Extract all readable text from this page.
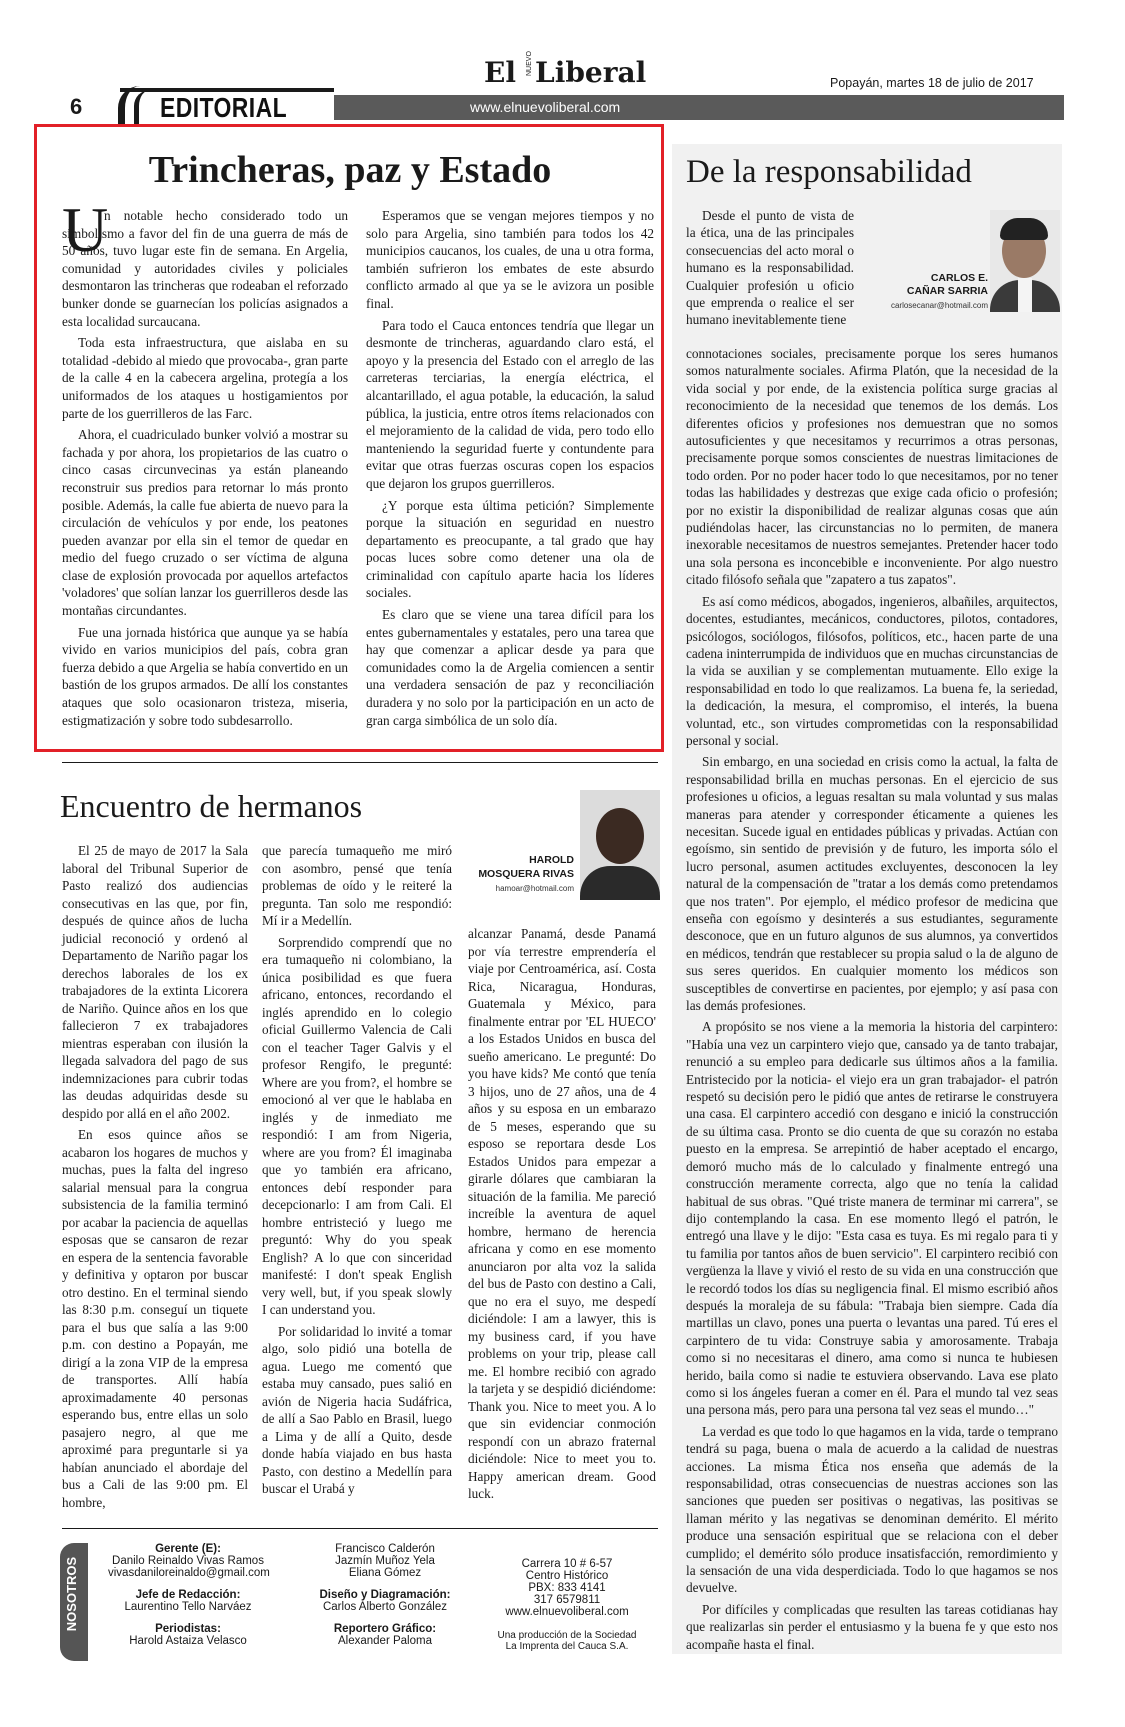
6	EDITORIAL	www.elnuevoliberal.com
El NUEVO Liberal	Popayán, martes 18 de julio de 2017
Trincheras, paz y Estado
U

n notable hecho considerado todo un simbolismo a favor del fin de una guerra de más de 50 años, tuvo lugar este fin de semana. En Argelia, comunidad y autoridades civiles y policiales desmontaron las trincheras que rodeaban el reforzado bunker donde se guarnecían los policías asignados a esta localidad surcaucana.

Toda esta infraestructura, que aislaba en su totalidad -debido al miedo que provocaba-, gran parte de la calle 4 en la cabecera argelina, protegía a los uniformados de los ataques u hostigamientos por parte de los guerrilleros de las Farc.

Ahora, el cuadriculado bunker volvió a mostrar su fachada y por ahora, los propietarios de las cuatro o cinco casas circunvecinas ya están planeando reconstruir sus predios para retornar lo más pronto posible. Además, la calle fue abierta de nuevo para la circulación de vehículos y por ende, los peatones pueden avanzar por ella sin el temor de quedar en medio del fuego cruzado o ser víctima de alguna clase de explosión provocada por aquellos artefactos 'voladores' que solían lanzar los guerrilleros desde las montañas circundantes.

Fue una jornada histórica que aunque ya se había vivido en varios municipios del país, cobra gran fuerza debido a que Argelia se había convertido en un bastión de los grupos armados. De allí los constantes ataques que solo ocasionaron tristeza, miseria, estigmatización y sobre todo subdesarrollo.

Esperamos que se vengan mejores tiempos y no solo para Argelia, sino también para todos los 42 municipios caucanos, los cuales, de una u otra forma, también sufrieron los embates de este absurdo conflicto armado al que ya se le avizora un posible final.

Para todo el Cauca entonces tendría que llegar un desmonte de trincheras, aguardando claro está, el apoyo y la presencia del Estado con el arreglo de las carreteras terciarias, la energía eléctrica, el alcantarillado, el agua potable, la educación, la salud pública, la justicia, entre otros ítems relacionados con el mejoramiento de la calidad de vida, pero todo ello manteniendo la seguridad fuerte y contundente para evitar que otras fuerzas oscuras copen los espacios que dejaron los grupos guerrilleros.

¿Y porque esta última petición? Simplemente porque la situación en seguridad en nuestro departamento es preocupante, a tal grado que hay pocas luces sobre como detener una ola de criminalidad con capítulo aparte hacia los líderes sociales.

Es claro que se viene una tarea difícil para los entes gubernamentales y estatales, pero una tarea que hay que comenzar a aplicar desde ya para que comunidades como la de Argelia comiencen a sentir una verdadera sensación de paz y reconciliación duradera y no solo por la participación en un acto de gran carga simbólica de un solo día.

De la responsabilidad
Desde el punto de vista de la ética, una de las principales consecuencias del acto moral o humano es la responsabilidad. Cualquier profesión u oficio que emprenda o realice el ser humano inevitablemente tiene
CARLOS E.
CAÑAR SARRIA
carlosecanar@hotmail.com

connotaciones sociales, precisamente porque los seres humanos somos naturalmente sociales. Afirma Platón, que la necesidad de la vida social y por ende, de la existencia política surge gracias al reconocimiento de la necesidad que tenemos de los demás. Los diferentes oficios y profesiones nos demuestran que no somos autosuficientes y que necesitamos y recurrimos a otras personas, precisamente porque somos conscientes de nuestras limitaciones de todo orden. Por no poder hacer todo lo que necesitamos, por no tener todas las habilidades y destrezas que exige cada oficio o profesión; por no existir la disponibilidad de realizar algunas cosas que aún pudiéndolas hacer, las circunstancias no lo permiten, de manera inexorable necesitamos de nuestros semejantes. Pretender hacer todo una sola persona es inconcebible e inconveniente. Por algo nuestro citado filósofo señala que "zapatero a tus zapatos".

Es así como médicos, abogados, ingenieros, albañiles, arquitectos, docentes, estudiantes, mecánicos, conductores, pilotos, contadores, psicólogos, sociólogos, filósofos, políticos, etc., hacen parte de una cadena ininterrumpida de individuos que en muchas circunstancias de la vida se auxilian y se complementan mutuamente. Ello exige la responsabilidad en todo lo que realizamos. La buena fe, la seriedad, la dedicación, la mesura, el compromiso, el interés, la buena voluntad, etc., son virtudes comprometidas con la responsabilidad personal y social.

Sin embargo, en una sociedad en crisis como la actual, la falta de responsabilidad brilla en muchas personas. En el ejercicio de sus profesiones u oficios, a leguas resaltan su mala voluntad y sus malas maneras para atender y corresponder éticamente a quienes les necesitan. Sucede igual en entidades públicas y privadas. Actúan con egoísmo, sin sentido de previsión y de futuro, les importa sólo el lucro personal, asumen actitudes excluyentes, desconocen la ley natural de la compensación de "tratar a los demás como pretendamos que nos traten". Por ejemplo, el médico profesor de medicina que enseña con egoísmo y desinterés a sus estudiantes, seguramente desconoce, que en un futuro algunos de sus alumnos, ya convertidos en médicos, tendrán que restablecer su propia salud o la de alguno de sus seres queridos. En cualquier momento los médicos son susceptibles de convertirse en pacientes, por ejemplo; y así pasa con las demás profesiones.

A propósito se nos viene a la memoria la historia del carpintero: "Había una vez un carpintero viejo que, cansado ya de tanto trabajar, renunció a su empleo para dedicarle sus últimos años a la familia. Entristecido por la noticia- el viejo era un gran trabajador- el patrón respetó su decisión pero le pidió que antes de retirarse le construyera una casa. El carpintero accedió con desgano e inició la construcción de su última casa. Pronto se dio cuenta de que su corazón no estaba puesto en la empresa. Se arrepintió de haber aceptado el encargo, demoró mucho más de lo calculado y finalmente entregó una construcción meramente correcta, algo que no tenía la calidad habitual de sus obras. "Qué triste manera de terminar mi carrera", se dijo contemplando la casa. En ese momento llegó el patrón, le entregó una llave y le dijo: "Esta casa es tuya. Es mi regalo para ti y tu familia por tantos años de buen servicio". El carpintero recibió con vergüenza la llave y vivió el resto de su vida en una construcción que le recordó todos los días su negligencia final. El mismo escribió años después la moraleja de su fábula: "Trabaja bien siempre. Cada día martillas un clavo, pones una puerta o levantas una pared. Tú eres el carpintero de tu vida: Construye sabia y amorosamente. Trabaja como si no necesitaras el dinero, ama como si nunca te hubiesen herido, baila como si nadie te estuviera observando. Lava ese plato como si los ángeles fueran a comer en él. Para el mundo tal vez seas una persona más, pero para una persona tal vez seas el mundo…"

La verdad es que todo lo que hagamos en la vida, tarde o temprano tendrá su paga, buena o mala de acuerdo a la calidad de nuestras acciones. La misma Ética nos enseña que además de la responsabilidad, otras consecuencias de nuestras acciones son las sanciones que pueden ser positivas o negativas, las positivas se llaman mérito y las negativas se denominan demérito. El mérito produce una sensación espiritual que se relaciona con el deber cumplido; el demérito sólo produce insatisfacción, remordimiento y la sensación de una vida desperdiciada. Todo lo que hagamos se nos devuelve.

Por difíciles y complicadas que resulten las tareas cotidianas hay que realizarlas sin perder el entusiasmo y la buena fe y que esto nos acompañe hasta el final.

Encuentro de hermanos
HAROLD
MOSQUERA RIVAS
hamoar@hotmail.com

El 25 de mayo de 2017 la Sala laboral del Tribunal Superior de Pasto realizó dos audiencias consecutivas en las que, por fin, después de quince años de lucha judicial reconoció y ordenó al Departamento de Nariño pagar los derechos laborales de los ex trabajadores de la extinta Licorera de Nariño. Quince años en los que fallecieron 7 ex trabajadores mientras esperaban con ilusión la llegada salvadora del pago de sus indemnizaciones para cubrir todas las deudas adquiridas desde su despido por allá en el año 2002.

En esos quince años se acabaron los hogares de muchos y muchas, pues la falta del ingreso salarial mensual para la congrua subsistencia de la familia terminó por acabar la paciencia de aquellas esposas que se cansaron de rezar en espera de la sentencia favorable y definitiva y optaron por buscar otro destino. En el terminal siendo las 8:30 p.m. conseguí un tiquete para el bus que salía a las 9:00 p.m. con destino a Popayán, me dirigí a la zona VIP de la empresa de transportes. Allí había aproximadamente 40 personas esperando bus, entre ellas un solo pasajero negro, al que me aproximé para preguntarle si ya habían anunciado el abordaje del bus a Cali de las 9:00 pm. El hombre,

que parecía tumaqueño me miró con asombro, pensé que tenía problemas de oído y le reiteré la pregunta. Tan solo me respondió: Mí ir a Medellín.

Sorprendido comprendí que no era tumaqueño ni colombiano, la única posibilidad es que fuera africano, entonces, recordando el inglés aprendido en lo colegio oficial Guillermo Valencia de Cali con el teacher Tager Galvis y el profesor Rengifo, le pregunté: Where are you from?, el hombre se emocionó al ver que le hablaba en inglés y de inmediato me respondió: I am from Nigeria, where are you from? Él imaginaba que yo también era africano, entonces debí responder para decepcionarlo: I am from Cali. El hombre entristeció y luego me preguntó: Why do you speak English? A lo que con sinceridad manifesté: I don't speak English very well, but, if you speak slowly I can understand you.

Por solidaridad lo invité a tomar algo, solo pidió una botella de agua. Luego me comentó que estaba muy cansado, pues salió en avión de Nigeria hacia Sudáfrica, de allí a Sao Pablo en Brasil, luego a Lima y de allí a Quito, desde donde había viajado en bus hasta Pasto, con destino a Medellín para buscar el Urabá y

alcanzar Panamá, desde Panamá por vía terrestre emprendería el viaje por Centroamérica, así. Costa Rica, Nicaragua, Honduras, Guatemala y México, para finalmente entrar por 'EL HUECO' a los Estados Unidos en busca del sueño americano. Le pregunté: Do you have kids? Me contó que tenía 3 hijos, uno de 27 años, una de 4 años y su esposa en un embarazo de 5 meses, esperando que su esposo se reportara desde Los Estados Unidos para empezar a girarle dólares que cambiaran la situación de la familia. Me pareció increíble la aventura de aquel hombre, hermano de herencia africana y como en ese momento anunciaron por alta voz la salida del bus de Pasto con destino a Cali, que no era el suyo, me despedí diciéndole: I am a lawyer, this is my business card, if you have problems on your trip, please call me. El hombre recibió con agrado la tarjeta y se despidió diciéndome: Thank you. Nice to meet you. A lo que sin evidenciar conmoción respondí con un abrazo fraternal diciéndole: Nice to meet you to. Happy american dream. Good luck.

NOSOTROS
Gerente (E):
Danilo Reinaldo Vivas Ramos
vivasdaniloreinaldo@gmail.com
Jefe de Redacción:
Laurentino Tello Narváez
Periodistas:
Harold Astaiza Velasco
Francisco Calderón
Jazmín Muñoz Yela
Eliana Gómez
Diseño y Diagramación:
Carlos Alberto González
Reportero Gráfico:
Alexander Paloma
Carrera 10 # 6-57
Centro Histórico
PBX: 833 4141
317 6579811
www.elnuevoliberal.com
Una producción de la Sociedad
La Imprenta del Cauca S.A.
